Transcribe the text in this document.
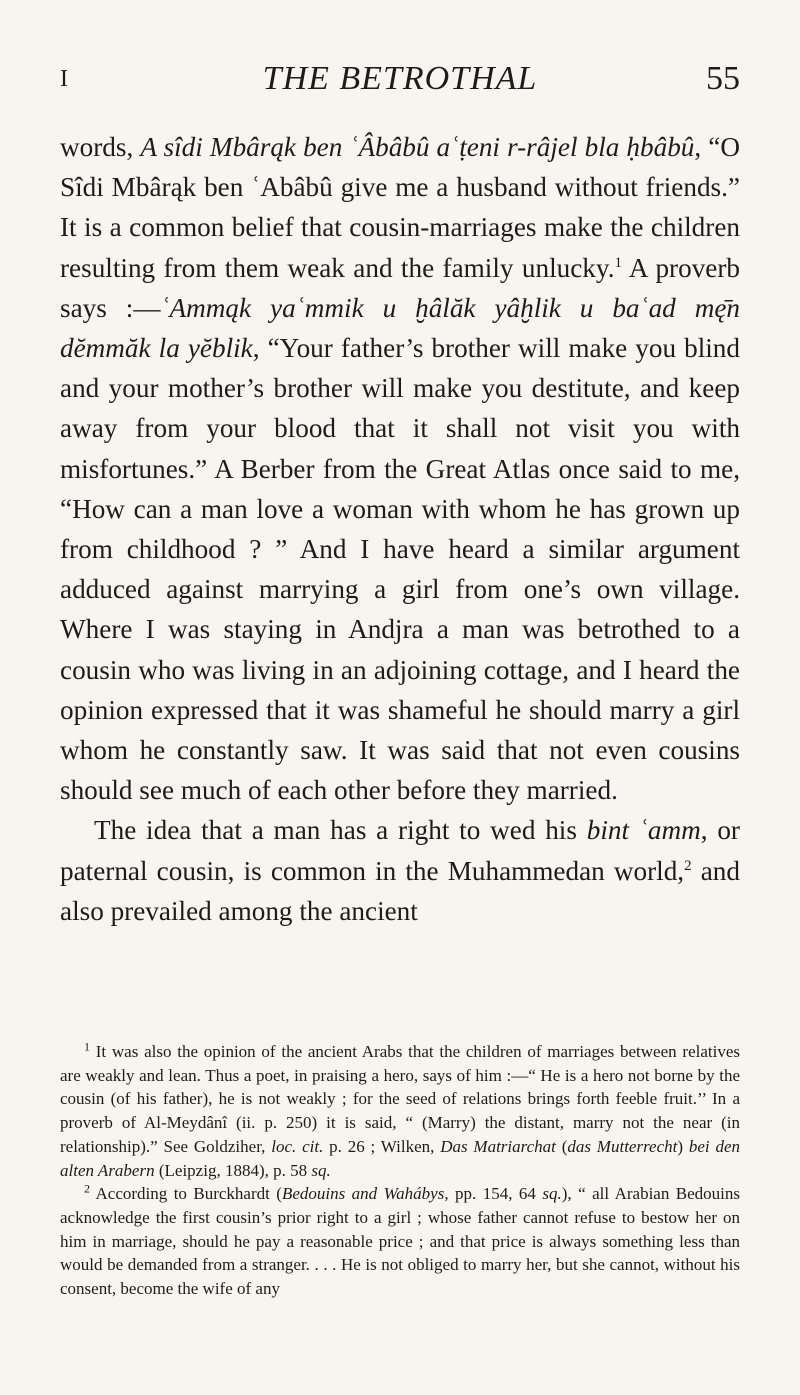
I	THE BETROTHAL	55

words, A sîdi Mbârąk ben ʿÂbâbû aʿṭeni r-râjel bla ḥbâbû, “O Sîdi Mbârąk ben ʿAbâbû give me a husband without friends.” It is a common belief that cousin-marriages make the children resulting from them weak and the family unlucky.$^1$ A proverb says :—ʿAmmąk yaʿmmik u ḫâlăk yâḫlik u baʿad mę̄n dĕmmăk la yĕblik, “Your father’s brother will make you blind and your mother’s brother will make you destitute, and keep away from your blood that it shall not visit you with misfortunes.” A Berber from the Great Atlas once said to me, “How can a man love a woman with whom he has grown up from childhood ? ” And I have heard a similar argument adduced against marrying a girl from one’s own village. Where I was staying in Andjra a man was betrothed to a cousin who was living in an adjoining cottage, and I heard the opinion expressed that it was shameful he should marry a girl whom he constantly saw. It was said that not even cousins should see much of each other before they married.

The idea that a man has a right to wed his bint ʿamm, or paternal cousin, is common in the Muhammedan world,$^2$ and also prevailed among the ancient

$^1$ It was also the opinion of the ancient Arabs that the children of marriages between relatives are weakly and lean. Thus a poet, in praising a hero, says of him :—“ He is a hero not borne by the cousin (of his father), he is not weakly ; for the seed of relations brings forth feeble fruit.’’ In a proverb of Al-Meydânî (ii. p. 250) it is said, “ (Marry) the distant, marry not the near (in relationship).” See Goldziher, loc. cit. p. 26 ; Wilken, Das Matriarchat (das Mutterrecht) bei den alten Arabern (Leipzig, 1884), p. 58 sq.

$^2$ According to Burckhardt (Bedouins and Wahábys, pp. 154, 64 sq.), “ all Arabian Bedouins acknowledge the first cousin’s prior right to a girl ; whose father cannot refuse to bestow her on him in marriage, should he pay a reasonable price ; and that price is always something less than would be demanded from a stranger. . . . He is not obliged to marry her, but she cannot, without his consent, become the wife of any
